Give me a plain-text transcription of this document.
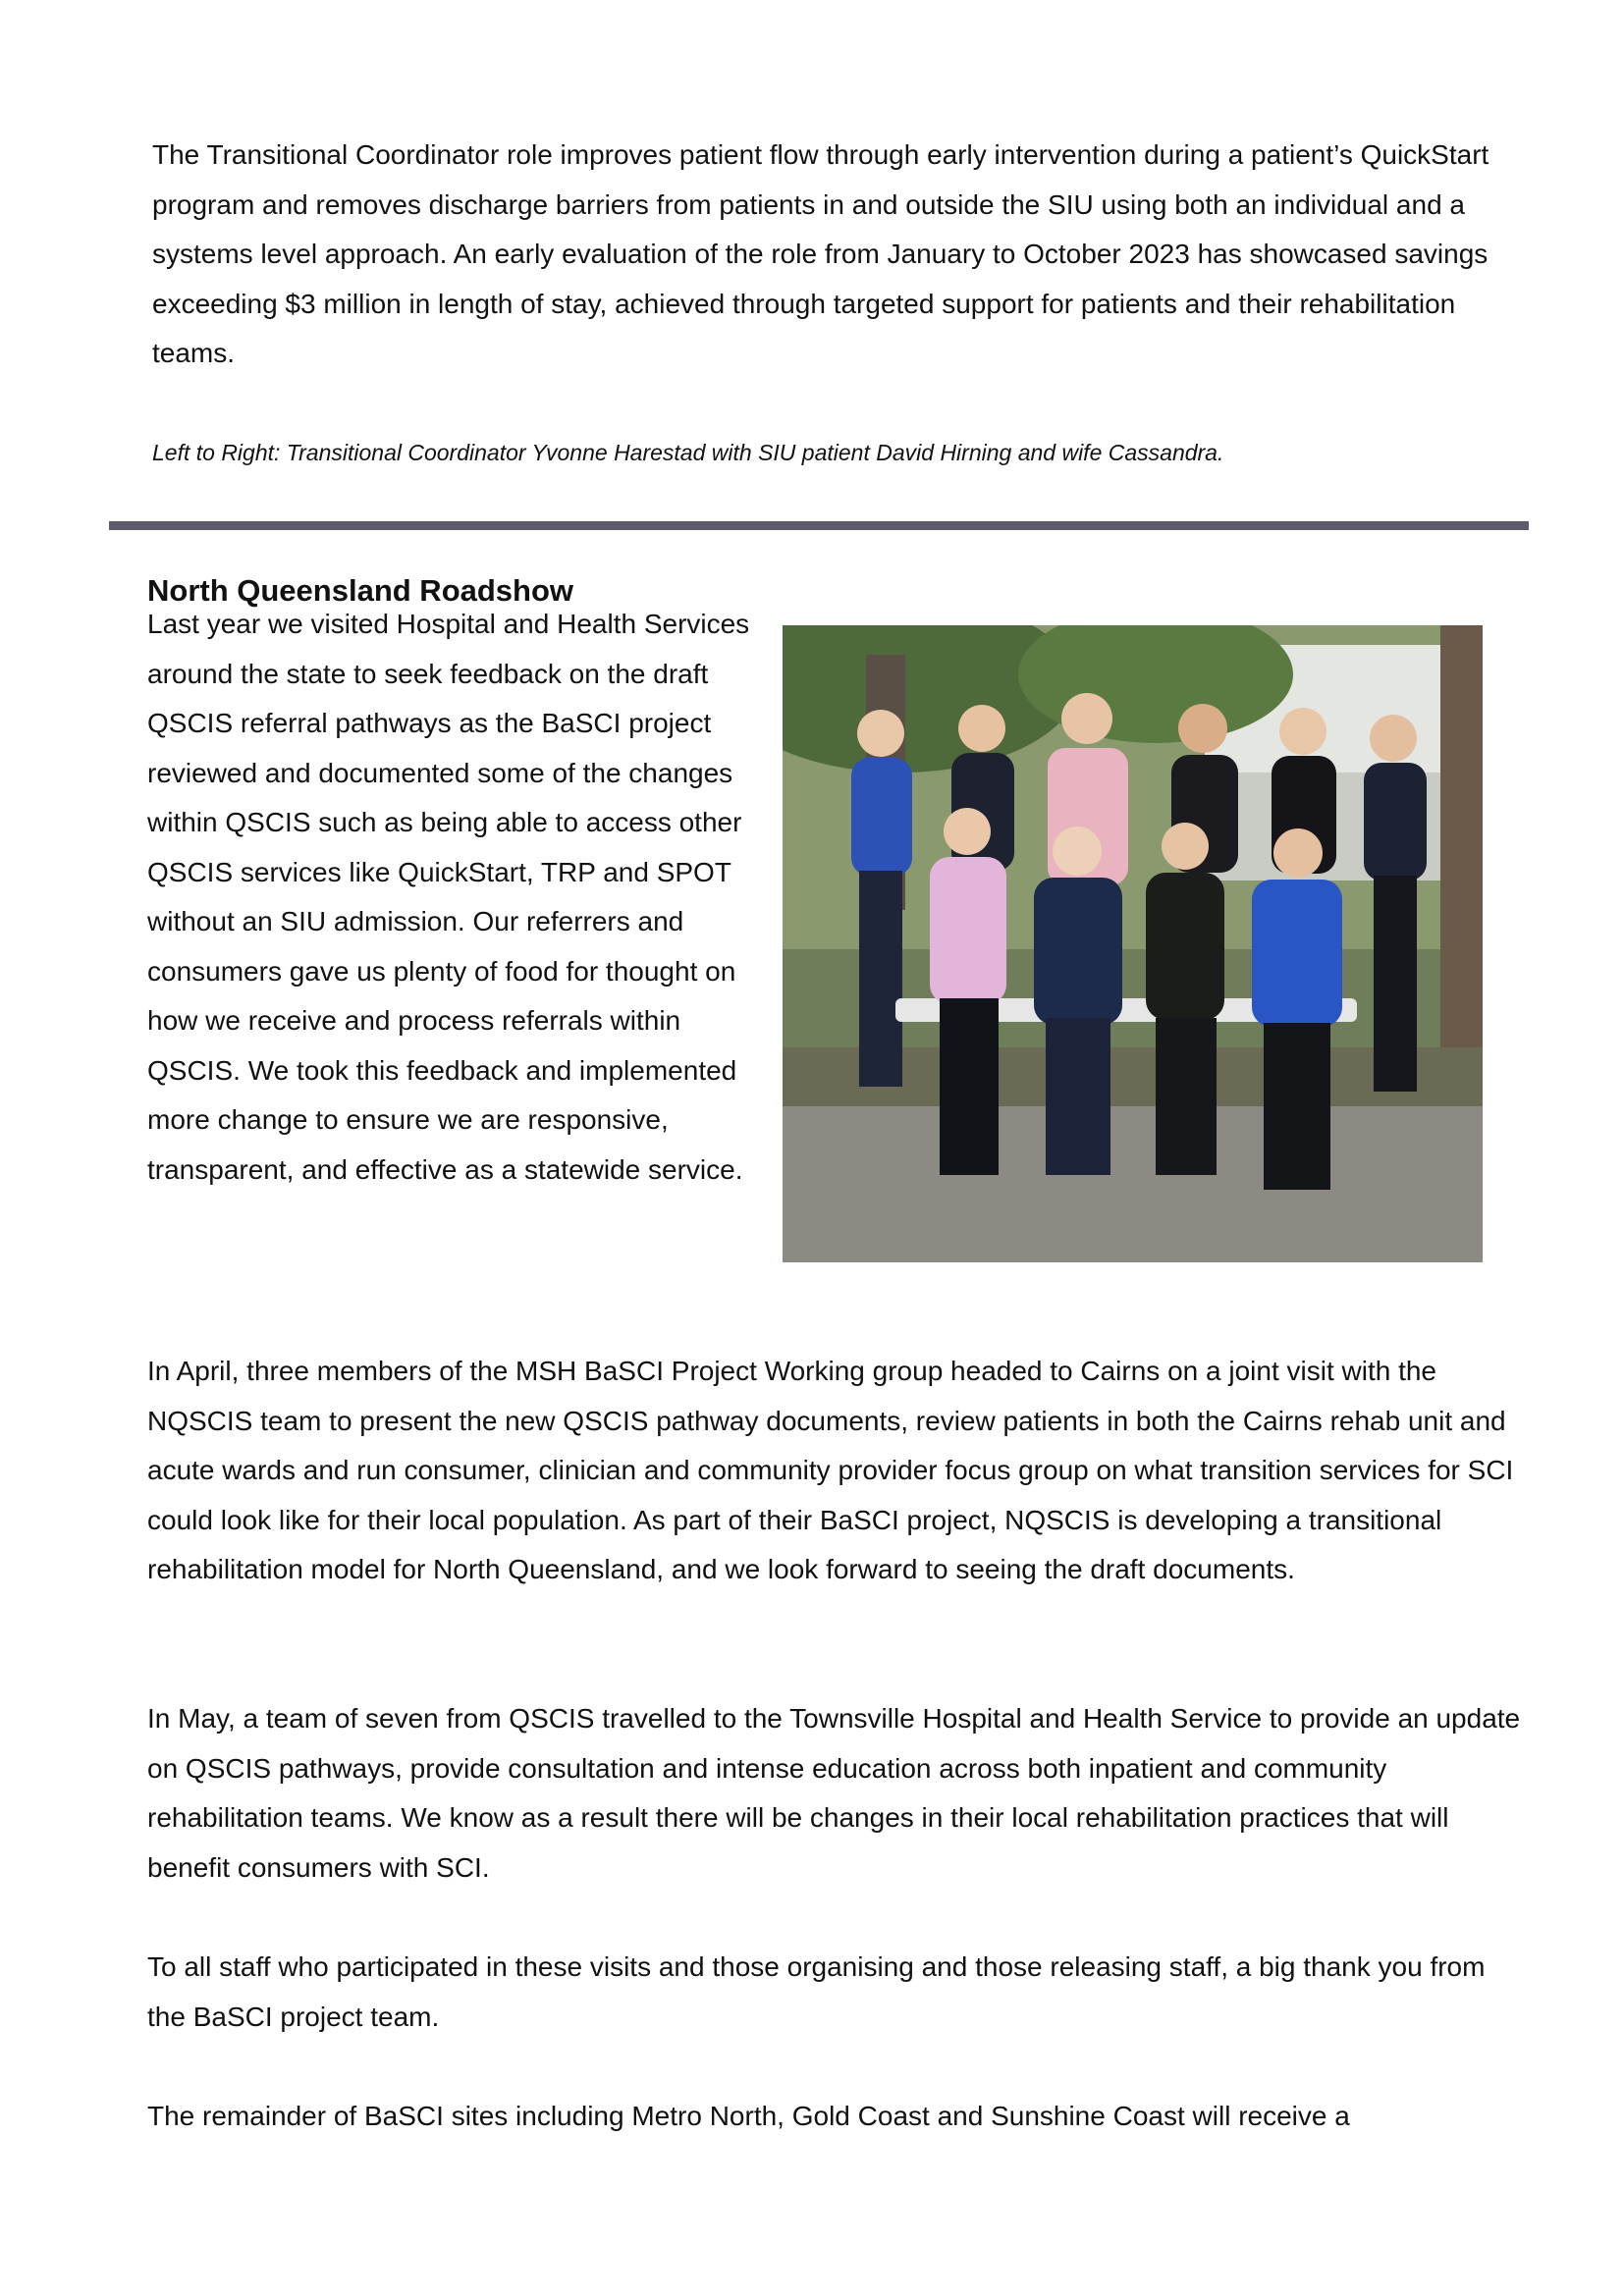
The Transitional Coordinator role improves patient flow through early intervention during a patient’s QuickStart program and removes discharge barriers from patients in and outside the SIU using both an individual and a systems level approach. An early evaluation of the role from January to October 2023 has showcased savings exceeding $3 million in length of stay, achieved through targeted support for patients and their rehabilitation teams.

Left to Right: Transitional Coordinator Yvonne Harestad with SIU patient David Hirning and wife Cassandra.

North Queensland Roadshow

Last year we visited Hospital and Health Services around the state to seek feedback on the draft QSCIS referral pathways as the BaSCI project reviewed and documented some of the changes within QSCIS such as being able to access other QSCIS services like QuickStart, TRP and SPOT without an SIU admission. Our referrers and consumers gave us plenty of food for thought on how we receive and process referrals within QSCIS. We took this feedback and implemented more change to ensure we are responsive, transparent, and effective as a statewide service.

In April, three members of the MSH BaSCI Project Working group headed to Cairns on a joint visit with the NQSCIS team to present the new QSCIS pathway documents, review patients in both the Cairns rehab unit and acute wards and run consumer, clinician and community provider focus group on what transition services for SCI could look like for their local population. As part of their BaSCI project, NQSCIS is developing a transitional rehabilitation model for North Queensland, and we look forward to seeing the draft documents.

In May, a team of seven from QSCIS travelled to the Townsville Hospital and Health Service to provide an update on QSCIS pathways, provide consultation and intense education across both inpatient and community rehabilitation teams. We know as a result there will be changes in their local rehabilitation practices that will benefit consumers with SCI.

To all staff who participated in these visits and those organising and those releasing staff, a big thank you from the BaSCI project team.

The remainder of BaSCI sites including Metro North, Gold Coast and Sunshine Coast will receive a
